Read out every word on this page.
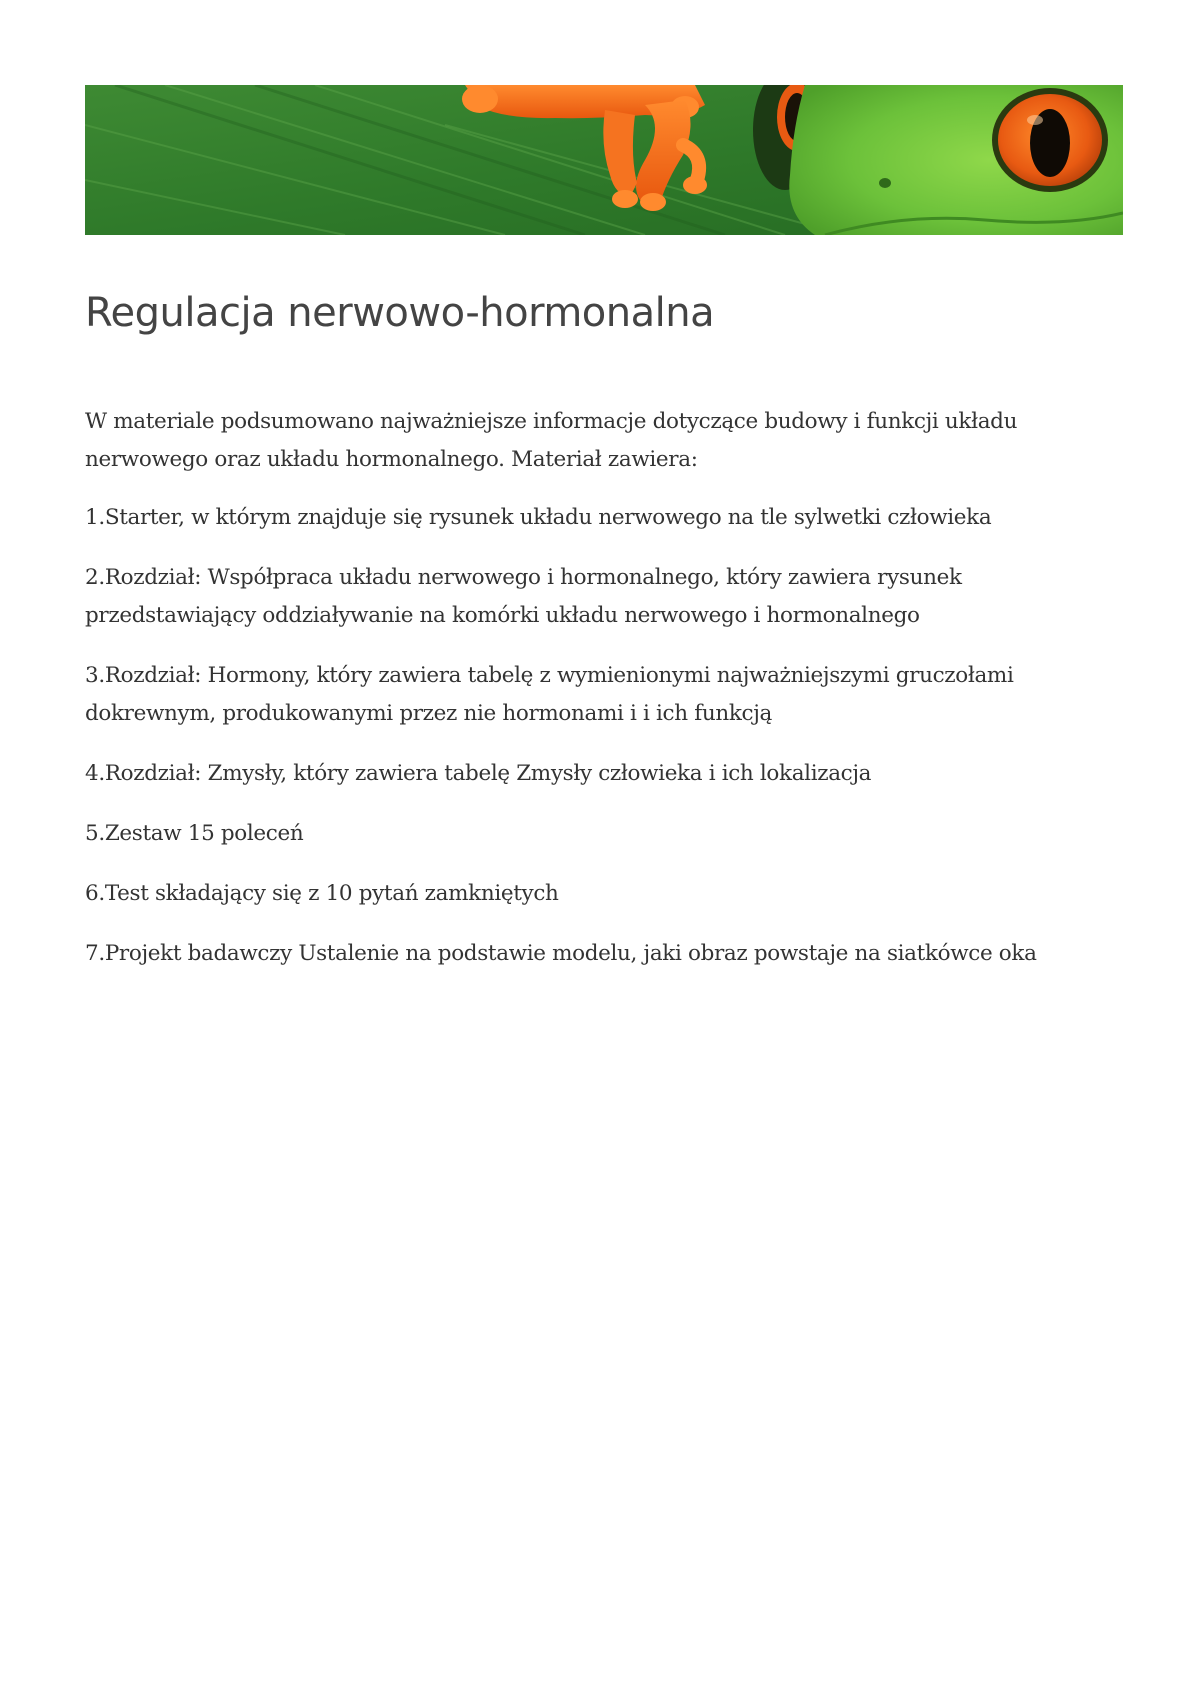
Regulacja nerwowo-hormonalna

W materiale podsumowano najważniejsze informacje dotyczące budowy i funkcji układu nerwowego oraz układu hormonalnego. Materiał zawiera:

1.Starter, w którym znajduje się rysunek układu nerwowego na tle sylwetki człowieka

2.Rozdział: Współpraca układu nerwowego i hormonalnego, który zawiera rysunek przedstawiający oddziaływanie na komórki układu nerwowego i hormonalnego

3.Rozdział: Hormony, który zawiera tabelę z wymienionymi najważniejszymi gruczołami dokrewnym, produkowanymi przez nie hormonami i i ich funkcją

4.Rozdział: Zmysły, który zawiera tabelę Zmysły człowieka i ich lokalizacja

5.Zestaw 15 poleceń

6.Test składający się z 10 pytań zamkniętych

7.Projekt badawczy Ustalenie na podstawie modelu, jaki obraz powstaje na siatkówce oka
